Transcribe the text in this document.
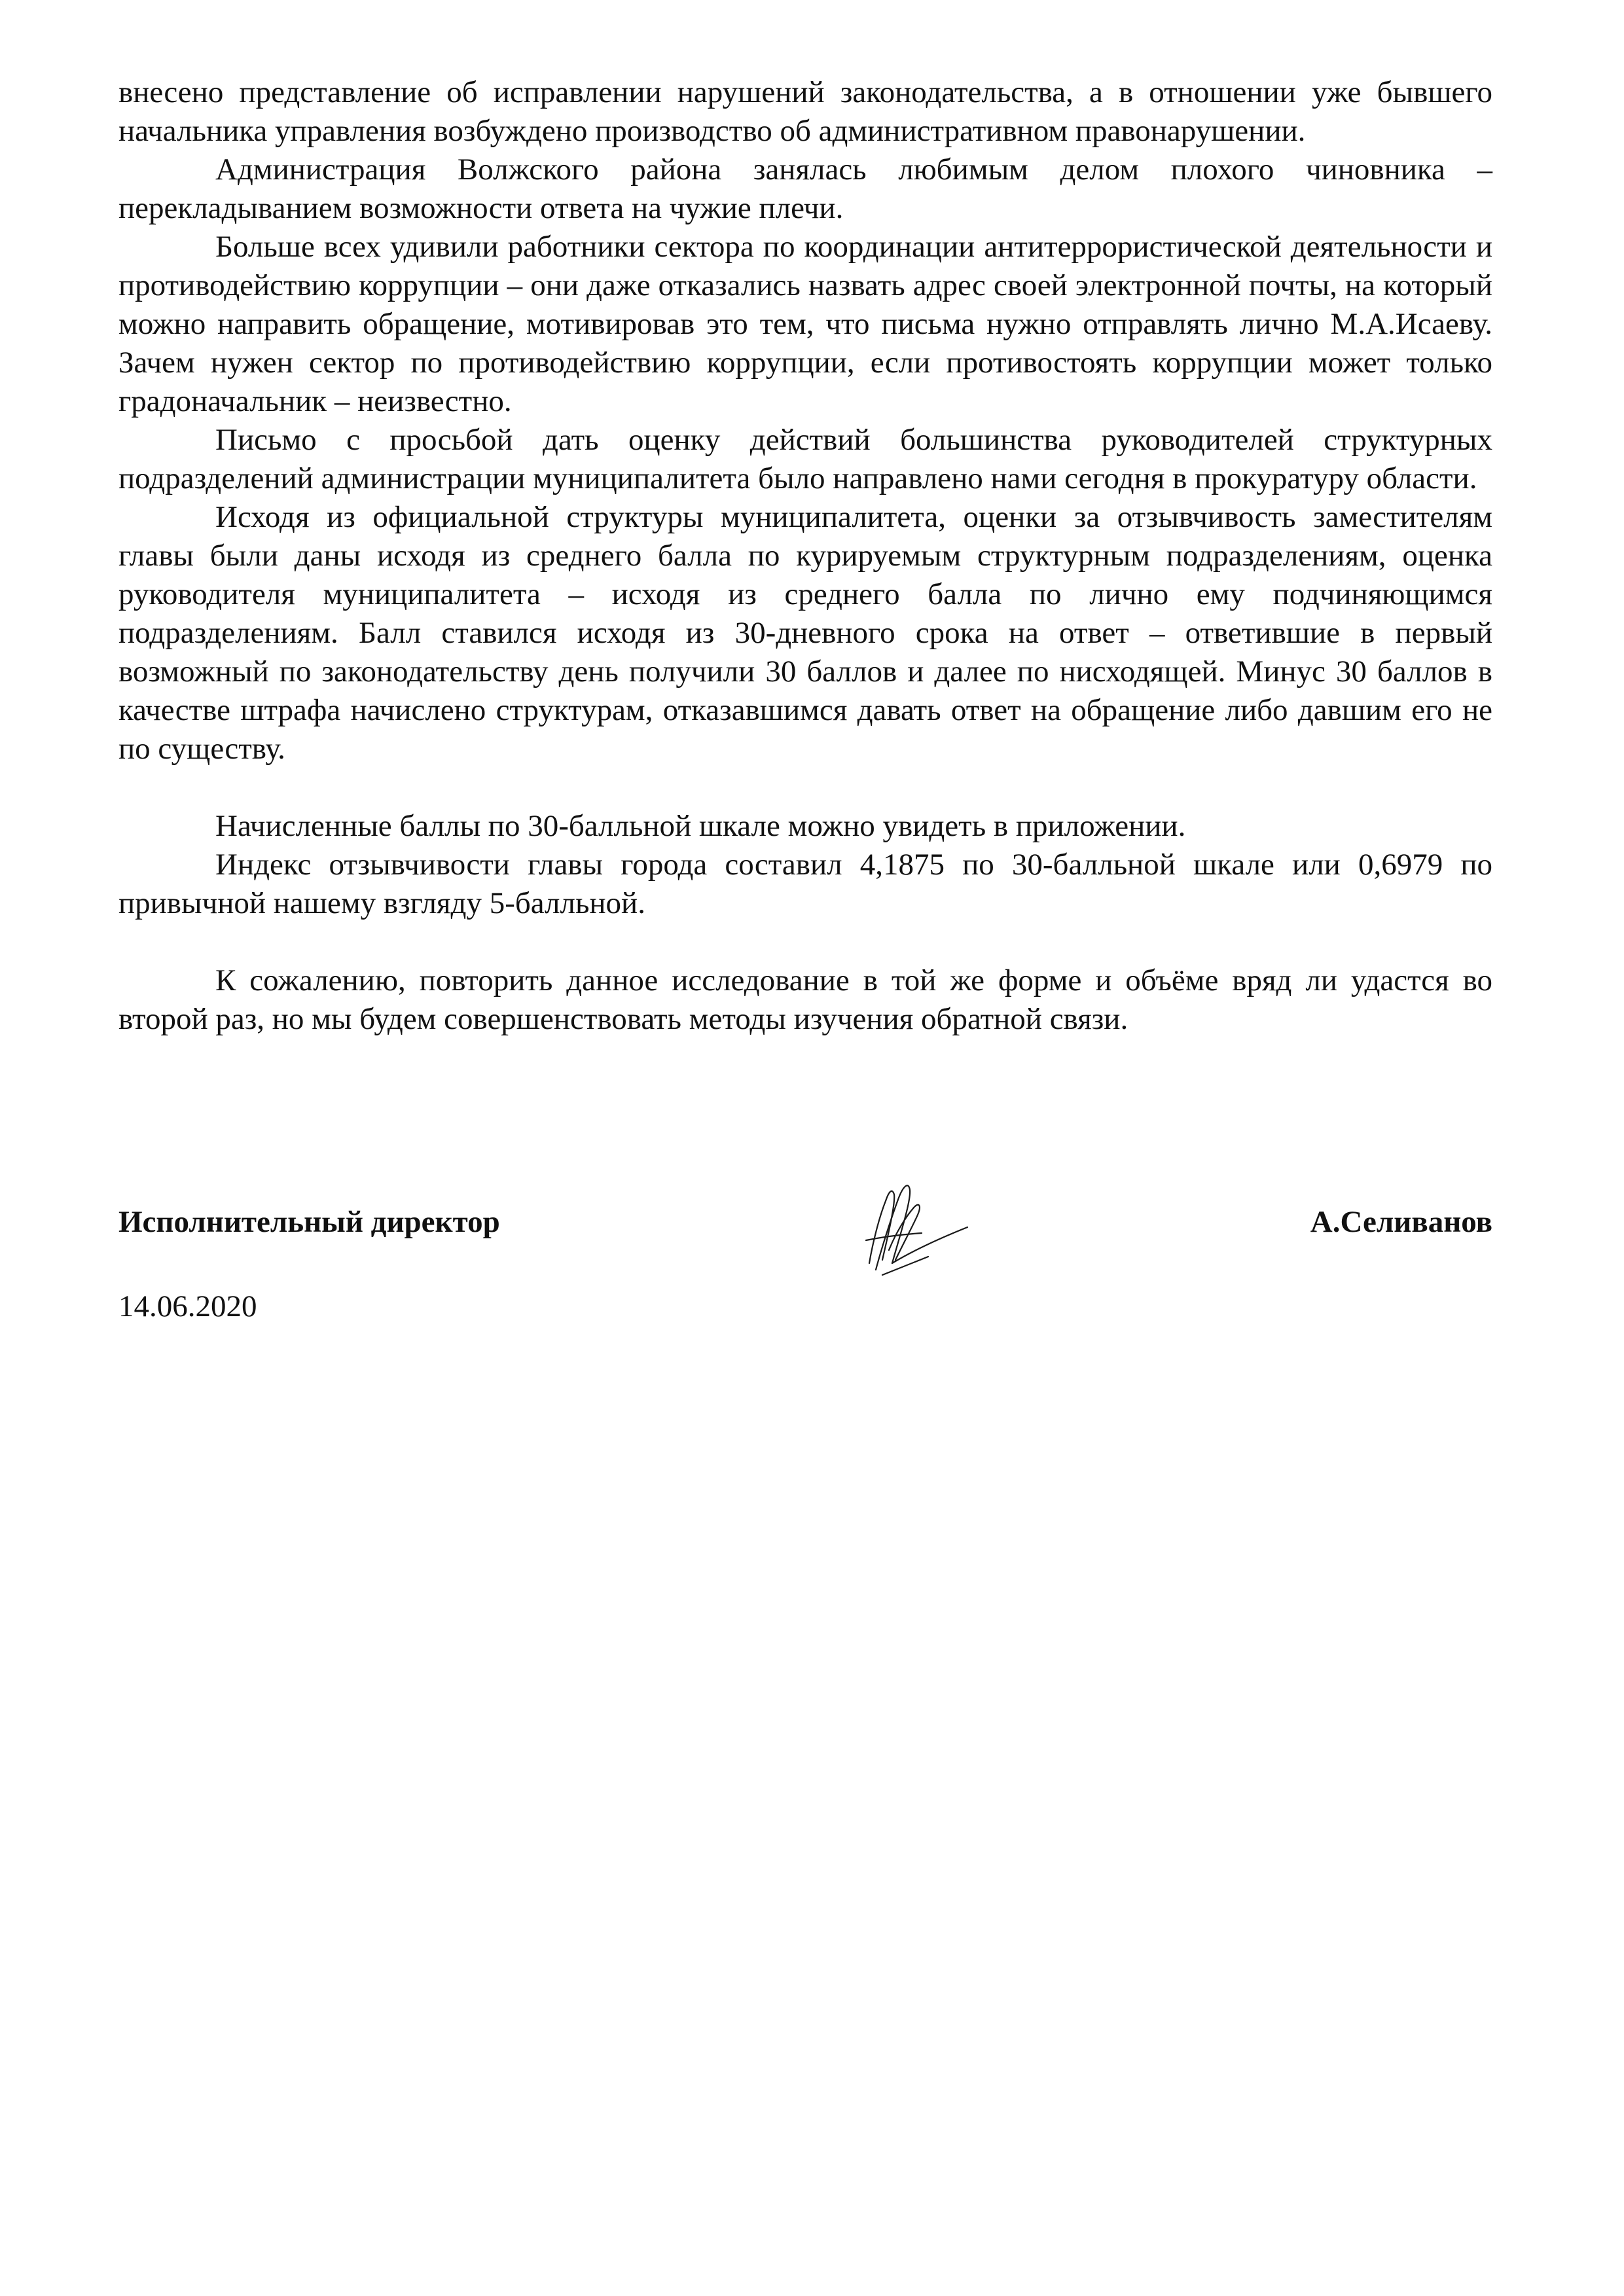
внесено представление об исправлении нарушений законодательства, а в отношении уже бывшего начальника управления возбуждено производство об административном правонарушении.

Администрация Волжского района занялась любимым делом плохого чиновника – перекладыванием возможности ответа на чужие плечи.

Больше всех удивили работники сектора по координации антитеррористической деятельности и противодействию коррупции – они даже отказались назвать адрес своей электронной почты, на который можно направить обращение, мотивировав это тем, что письма нужно отправлять лично М.А.Исаеву. Зачем нужен сектор по противодействию коррупции, если противостоять коррупции может только градоначальник – неизвестно.

Письмо с просьбой дать оценку действий большинства руководителей структурных подразделений администрации муниципалитета было направлено нами сегодня в прокуратуру области.

Исходя из официальной структуры муниципалитета, оценки за отзывчивость заместителям главы были даны исходя из среднего балла по курируемым структурным подразделениям, оценка руководителя муниципалитета – исходя из среднего балла по лично ему подчиняющимся подразделениям. Балл ставился исходя из 30-дневного срока на ответ – ответившие в первый возможный по законодательству день получили 30 баллов и далее по нисходящей. Минус 30 баллов в качестве штрафа начислено структурам, отказавшимся давать ответ на обращение либо давшим его не по существу.

Начисленные баллы по 30-балльной шкале можно увидеть в приложении.

Индекс отзывчивости главы города составил 4,1875 по 30-балльной шкале или 0,6979 по привычной нашему взгляду 5-балльной.

К сожалению, повторить данное исследование в той же форме и объёме вряд ли удастся во второй раз, но мы будем совершенствовать методы изучения обратной связи.

Исполнительный директор	А.Селиванов
14.06.2020
